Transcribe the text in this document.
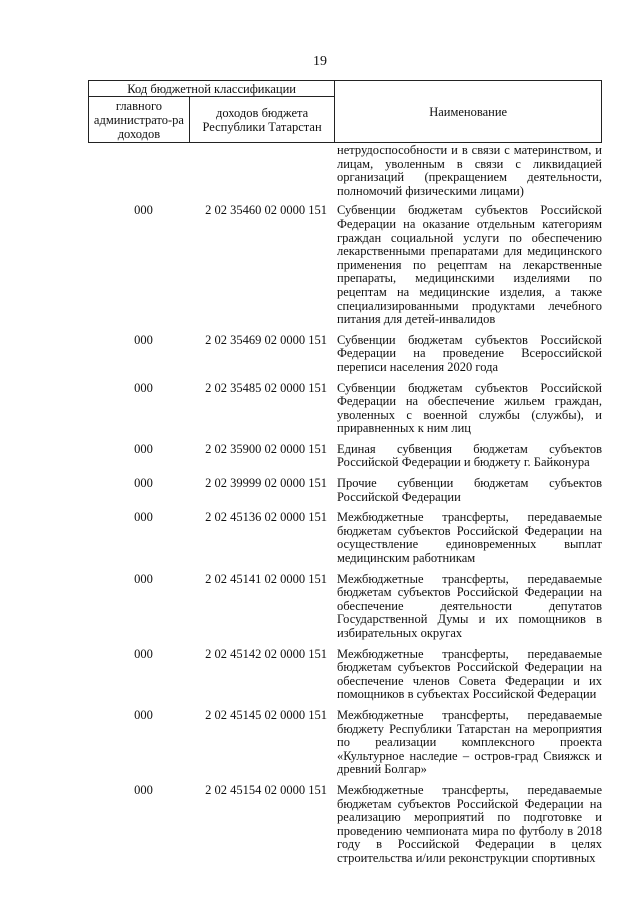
19
Код бюджетной классификации		Наименование
главного администрато-ра доходов	доходов бюджета Республики Татарстан	
нетрудоспособности и в связи с материнством, и лицам, уволенным в связи с ликвидацией организаций (прекращением деятельности, полномочий физическими лицами)
000	2 02 35460 02 0000 151 Субвенции бюджетам субъектов Российской Федерации на оказание отдельным категориям граждан социальной услуги по обеспечению лекарственными препаратами для медицинского применения по рецептам на лекарственные препараты, медицинскими изделиями по рецептам на медицинские изделия, а также специализированными продуктами лечебного питания для детей-инвалидов
000	2 02 35469 02 0000 151 Субвенции бюджетам субъектов Российской Федерации на проведение Всероссийской переписи населения 2020 года
000	2 02 35485 02 0000 151 Субвенции бюджетам субъектов Российской Федерации на обеспечение жильем граждан, уволенных с военной службы (службы), и приравненных к ним лиц
000	2 02 35900 02 0000 151 Единая субвенция бюджетам субъектов Российской Федерации и бюджету г. Байконура
000	2 02 39999 02 0000 151 Прочие субвенции бюджетам субъектов Российской Федерации
000	2 02 45136 02 0000 151 Межбюджетные трансферты, передаваемые бюджетам субъектов Российской Федерации на осуществление единовременных выплат медицинским работникам
000	2 02 45141 02 0000 151 Межбюджетные трансферты, передаваемые бюджетам субъектов Российской Федерации на обеспечение деятельности депутатов Государственной Думы и их помощников в избирательных округах
000	2 02 45142 02 0000 151 Межбюджетные трансферты, передаваемые бюджетам субъектов Российской Федерации на обеспечение членов Совета Федерации и их помощников в субъектах Российской Федерации
000	2 02 45145 02 0000 151 Межбюджетные трансферты, передаваемые бюджету Республики Татарстан на мероприятия по реализации комплексного проекта «Культурное наследие – остров-град Свияжск и древний Болгар»
000	2 02 45154 02 0000 151 Межбюджетные трансферты, передаваемые бюджетам субъектов Российской Федерации на реализацию мероприятий по подготовке и проведению чемпионата мира по футболу в 2018 году в Российской Федерации в целях строительства и/или реконструкции спортивных
